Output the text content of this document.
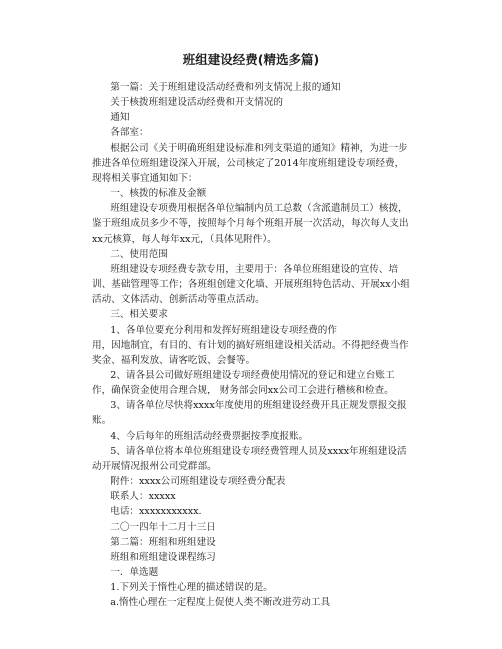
班组建设经费(精选多篇)

第一篇：关于班组建设活动经费和列支情况上报的通知

关于核拨班组建设活动经费和开支情况的

通知

各部室：

根据公司《关于明确班组建设标准和列支渠道的通知》精神，为进一步推进各单位班组建设深入开展，公司核定了2014年度班组建设专项经费，现将相关事宜通知如下：

一、核拨的标准及金额

班组建设专项费用根据各单位编制内员工总数（含派遣制员工）核拨，鉴于班组成员多少不等，按照每个月每个班组开展一次活动，每次每人支出xx元核算，每人每年xx元，（具体见附件）。

二、使用范围

班组建设专项经费专款专用，主要用于：各单位班组建设的宣传、培训、基础管理等工作；各班组创建文化墙、开展班组特色活动、开展xx小组活动、文体活动、创新活动等重点活动。

三、相关要求

1、各单位要充分利用和发挥好班组建设专项经费的作

用，因地制宜，有目的、有计划的搞好班组建设相关活动。不得把经费当作奖金、福利发放、请客吃饭、会餐等。

2、请各县公司做好班组建设专项经费使用情况的登记和建立台账工作，确保资金使用合理合规， 财务部会同xx公司工会进行稽核和检查。

3、请各单位尽快将xxxx年度使用的班组建设经费开具正规发票报交报账。

4、今后每年的班组活动经费票据按季度报账。

5、请各单位将本单位班组建设专项经费管理人员及xxxx年班组建设活动开展情况报州公司党群部。

附件：xxxx公司班组建设专项经费分配表

联系人：xxxxx

电话：xxxxxxxxxxx.

二〇一四年十二月十三日

第二篇：班组和班组建设

班组和班组建设课程练习

一．单选题

1.下列关于惰性心理的描述错误的是。

a.惰性心理在一定程度上促使人类不断改进劳动工具
